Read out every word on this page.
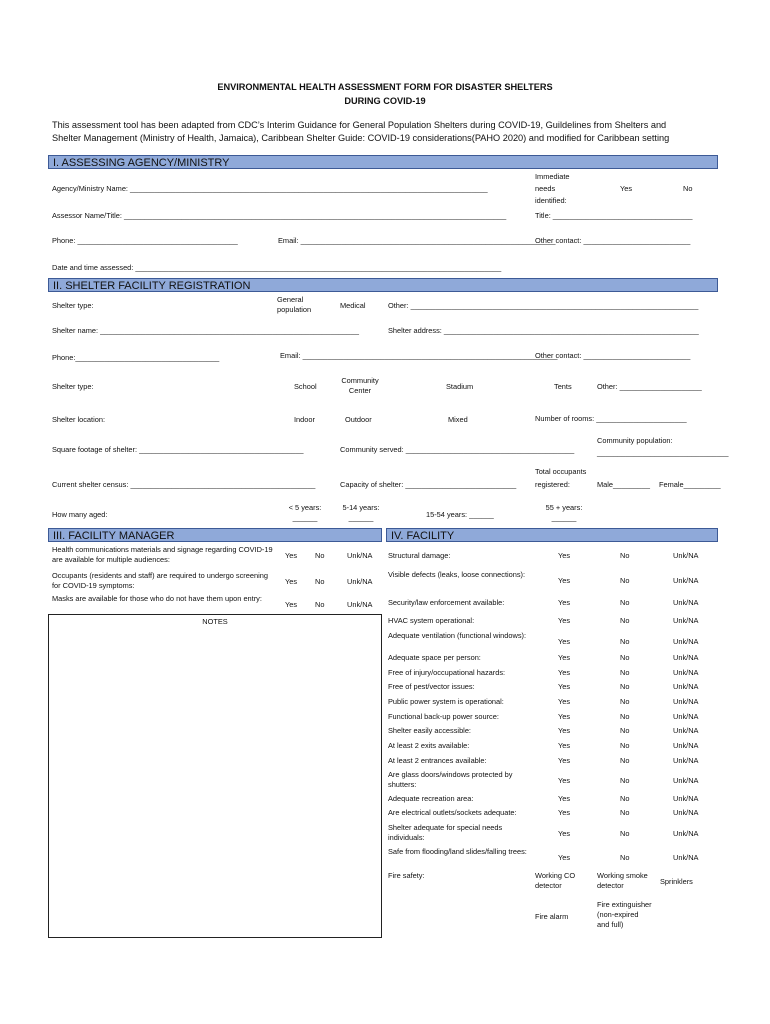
ENVIRONMENTAL HEALTH ASSESSMENT FORM FOR DISASTER SHELTERS
DURING COVID-19
This assessment tool has been adapted from CDC’s Interim Guidance for General Population Shelters during COVID-19, Guildelines from Shelters and
Shelter Management (Ministry of Health, Jamaica), Caribbean Shelter Guide: COVID-19 considerations(PAHO 2020) and modified for Caribbean setting
I. ASSESSING AGENCY/MINISTRY
Agency/Ministry Name: _______________________________________________________________________________________
Immediate
needs
identified:
Yes	No
Assessor Name/Title: _____________________________________________________________________________________________	Title: __________________________________
Phone: _______________________________________	Email: ______________________________________________________________
Other contact: __________________________
Date and time assessed: _________________________________________________________________________________________
II. SHELTER FACILITY REGISTRATION
Shelter type:
General
population	Medical	Other: ______________________________________________________________________
Shelter name: _______________________________________________________________	Shelter address: ______________________________________________________________
Phone:___________________________________	Email: ______________________________________________________________
Other contact: __________________________
Shelter type:	School
Community
Center	Stadium	Tents	Other: ____________________
Shelter location:	Indoor	Outdoor	Mixed	Number of rooms: ______________________
Community population:
________________________________
Square footage of shelter: ________________________________________	Community served: _________________________________________
Total occupants
registered:	Male_________ Female_________
Current shelter census: _____________________________________________	Capacity of shelter: ___________________________
How many aged:
< 5 years:
______
5-14 years:
______	15-54 years: ______
55 + years:
______
III. FACILITY MANAGER
Health communications materials and signage regarding COVID-19 are available for multiple audiences:	Yes No	Unk/NA
Occupants (residents and staff) are required to undergo screening for COVID-19 symptoms:	Yes No	Unk/NA
Masks are available for those who do not have them upon entry:
Yes No	Unk/NA
NOTES
IV. FACILITY
Structural damage:	Yes	No	Unk/NA
Visible defects (leaks, loose connections):
Yes	No	Unk/NA
Security/law enforcement available:	Yes	No	Unk/NA
HVAC system operational:	Yes	No	Unk/NA
Adequate ventilation (functional windows):
Yes	No	Unk/NA
Adequate space per person:	Yes	No	Unk/NA
Free of injury/occupational hazards:	Yes	No	Unk/NA
Free of pest/vector issues:	Yes	No	Unk/NA
Public power system is operational:	Yes	No	Unk/NA
Functional back-up power source:	Yes	No	Unk/NA
Shelter easily accessible:	Yes	No	Unk/NA
At least 2 exits available:	Yes	No	Unk/NA
At least 2 entrances available:	Yes	No	Unk/NA
Are glass doors/windows protected by shutters:	Yes	No	Unk/NA
Adequate recreation area:	Yes	No	Unk/NA
Are electrical outlets/sockets adequate:	Yes	No	Unk/NA
Shelter adequate for special needs individuals:	Yes	No	Unk/NA
Safe from flooding/land slides/falling trees:
Yes	No	Unk/NA
Fire safety:	Working CO
detector
Working smoke
detector	Sprinklers
Fire alarm
Fire extinguisher
(non-expired
and full)
